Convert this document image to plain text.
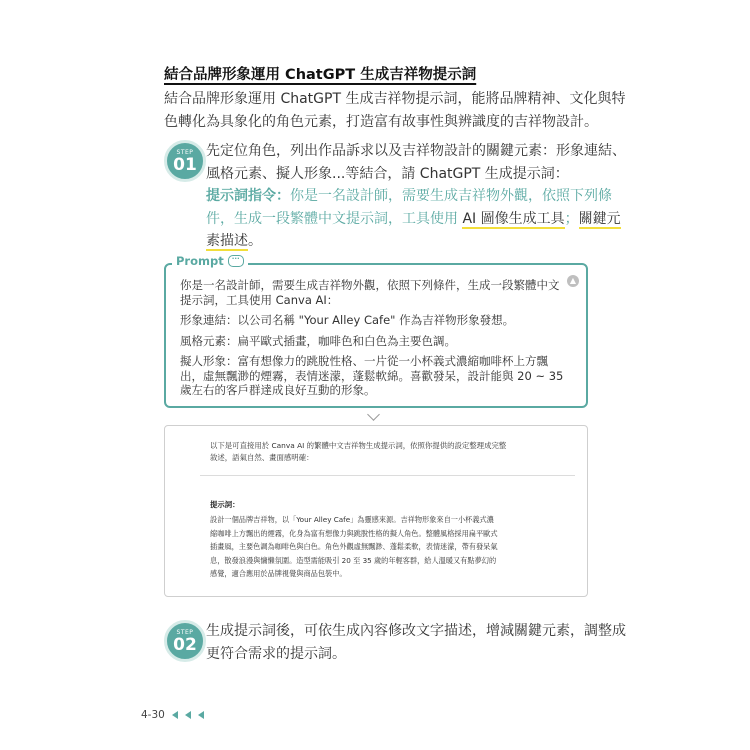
結合品牌形象運用 ChatGPT 生成吉祥物提示詞
結合品牌形象運用 ChatGPT 生成吉祥物提示詞，能將品牌精神、文化與特
色轉化為具象化的角色元素，打造富有故事性與辨識度的吉祥物設計。
STEP
01
先定位角色，列出作品訴求以及吉祥物設計的關鍵元素：形象連結、
風格元素、擬人形象...等結合，請 ChatGPT 生成提示詞：
提示詞指令：你是一名設計師，需要生成吉祥物外觀，依照下列條
件，生成一段繁體中文提示詞，工具使用 AI 圖像生成工具；關鍵元
素描述。
Prompt	···
▲
你是一名設計師，需要生成吉祥物外觀，依照下列條件，生成一段繁體中文
提示詞，工具使用 Canva AI：
形象連結：以公司名稱 "Your Alley Cafe" 作為吉祥物形象發想。
風格元素：扁平歐式插畫，咖啡色和白色為主要色調。
擬人形象：富有想像力的跳脫性格、一片從一小杯義式濃縮咖啡杯上方飄
出，虛無飄渺的煙霧，表情迷濛，蓬鬆軟綿。喜歡發呆，設計能與 20 ~ 35
歲左右的客戶群達成良好互動的形象。
以下是可直接用於 Canva AI 的繁體中文吉祥物生成提示詞，依照你提供的設定整理成完整
敘述，語氣自然、畫面感明確：
提示詞：
設計一個品牌吉祥物，以「Your Alley Cafe」為靈感來源。吉祥物形象來自一小杯義式濃
縮咖啡上方飄出的煙霧，化身為富有想像力與跳脫性格的擬人角色。整體風格採用扁平歐式
插畫風，主要色調為咖啡色與白色。角色外觀虛無飄渺、蓬鬆柔軟，表情迷濛，帶有發呆氣
息，散發浪漫與慵懶氛圍。造型需能吸引 20 至 35 歲的年輕客群，給人溫暖又有點夢幻的
感覺，適合應用於品牌視覺與商品包裝中。
STEP
02
生成提示詞後，可依生成內容修改文字描述，增減關鍵元素，調整成
更符合需求的提示詞。
4-30
